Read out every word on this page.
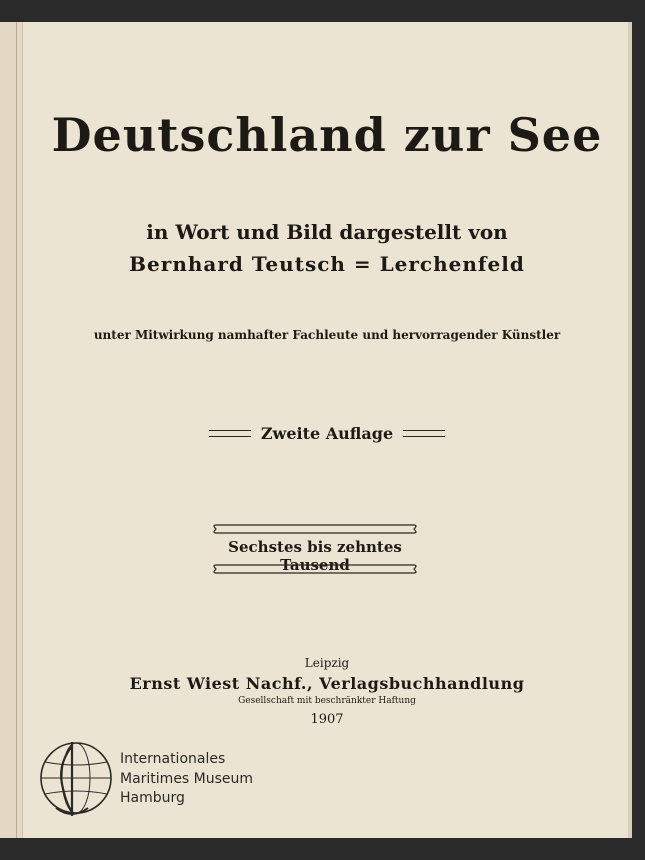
Deutschland zur See
in Wort und Bild dargestellt von
Bernhard Teutsch = Lerchenfeld
unter Mitwirkung namhafter Fachleute und hervorragender Künstler
Zweite Auflage
Sechstes bis zehntes Tausend
Leipzig
Ernst Wiest Nachf., Verlagsbuchhandlung
Gesellschaft mit beschränkter Haftung
1907
Internationales
Maritimes Museum
Hamburg
